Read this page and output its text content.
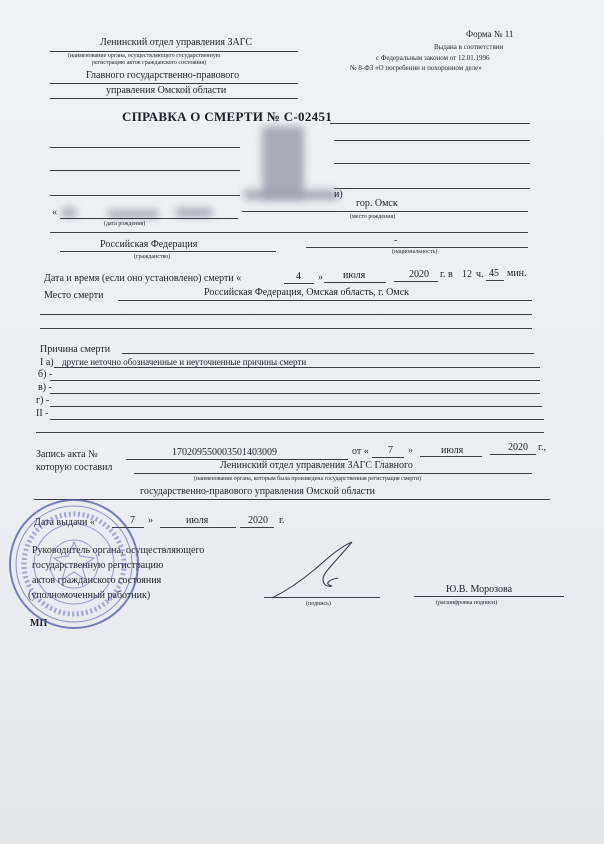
Ленинский отдел управления ЗАГС
(наименование органа, осуществляющего государственную
регистрацию актов гражданского состояния)
Главного государственно-правового
управления Омской области
Форма № 11
Выдана в соответствии
с Федеральным законом от 12.01.1996
№ 8-ФЗ «О погребении и похоронном деле»
СПРАВКА О СМЕРТИ № С-02451
и)
«
(дата рождения)
гор. Омск
(место рождения)
Российская Федерация
(гражданство)
-
(национальность)
Дата и время (если оно установлено) смерти «	4 » июля	2020 г. в 12 ч. 45 мин.
Место смерти	Российская Федерация, Омская область, г. Омск
Причина смерти
I а) другие неточно обозначенные и неуточненные причины смерти
б) -
в) -
г) -
II -
Запись акта №	170209550003501403009	от « 7 »	июля	2020 г.,
которую составил	Ленинский отдел управления ЗАГС Главного
(наименование органа, которым была произведена государственная регистрация смерти)
государственно-правового управления Омской области
Дата выдачи «	7 »	июля	2020 г.
Руководитель органа, осуществляющего
государственную регистрацию
актов гражданского состояния
(уполномоченный работник)
(подпись)
Ю.В. Морозова
(расшифровка подписи)
МП
